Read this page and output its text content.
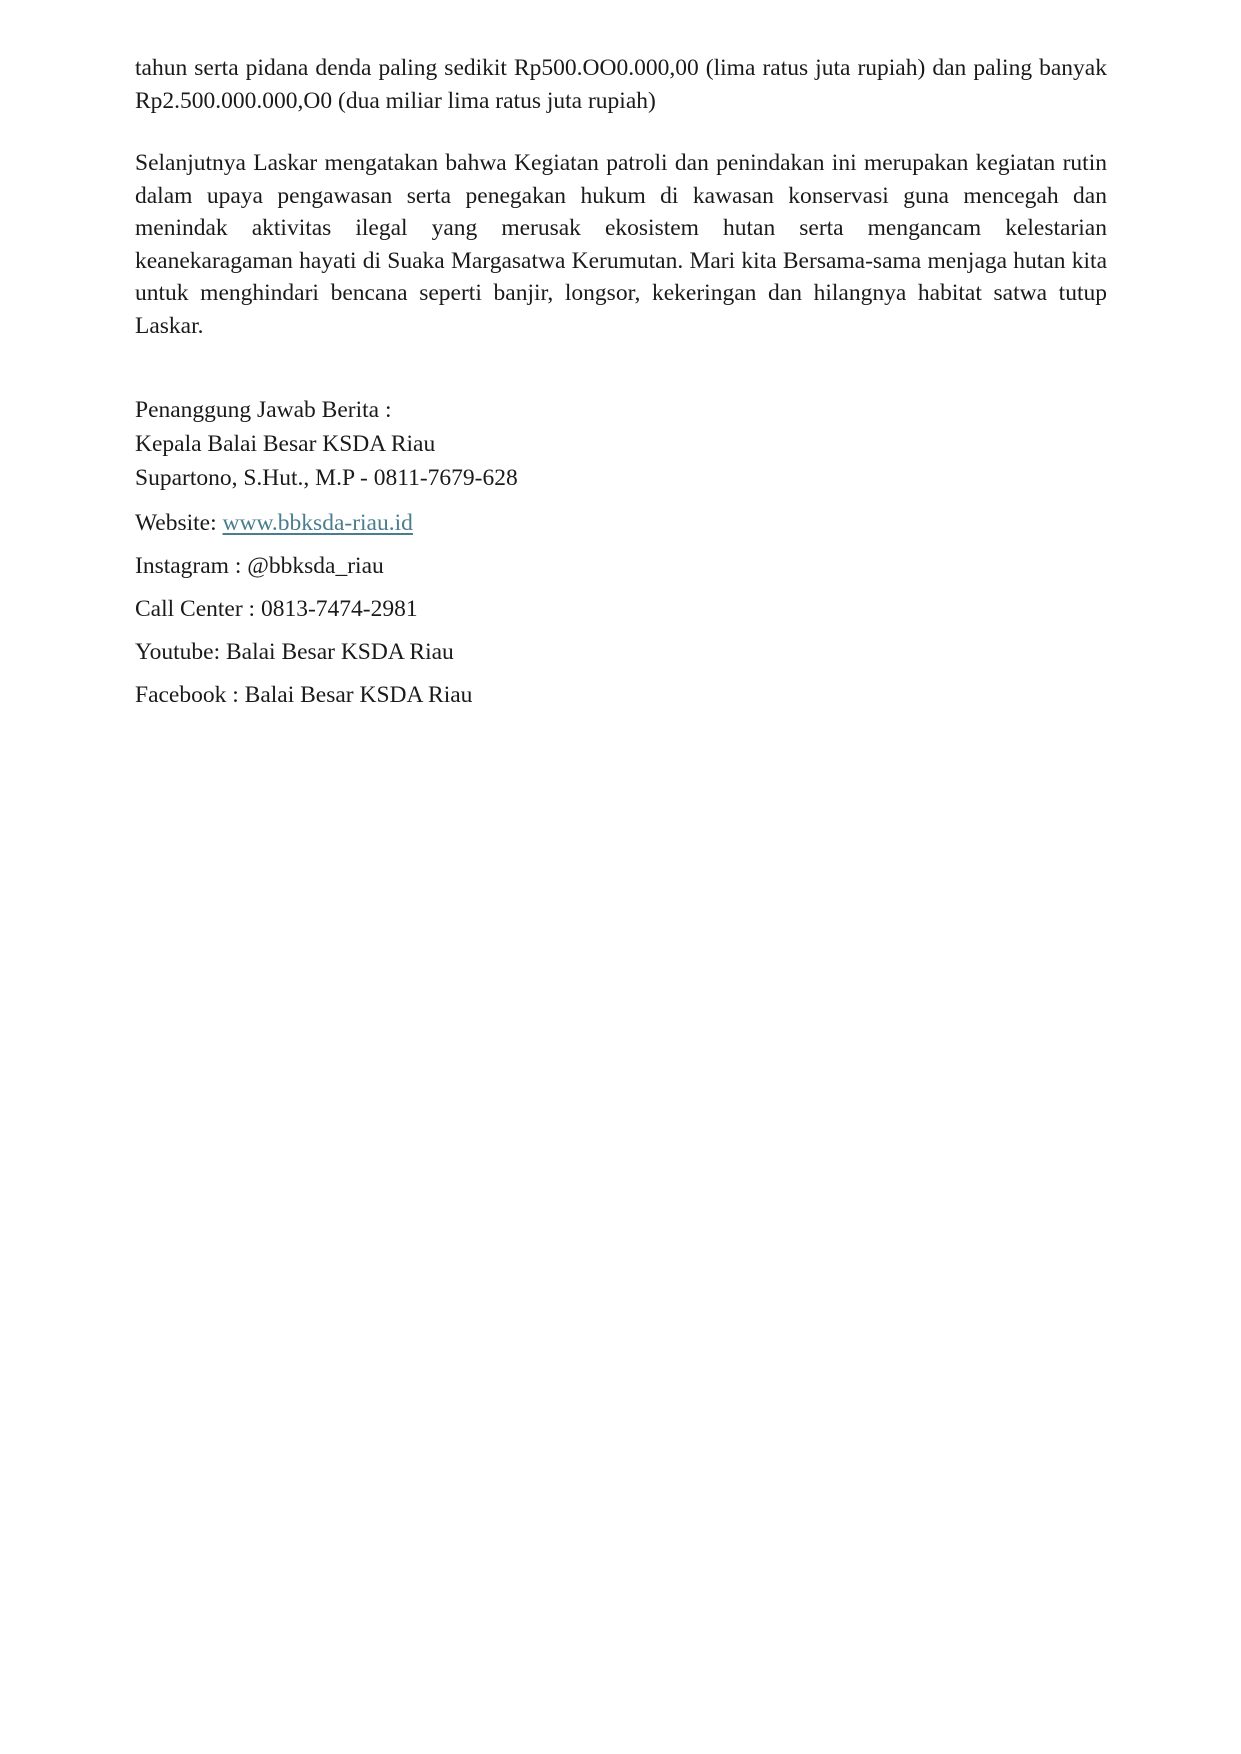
tahun serta pidana denda paling sedikit Rp500.OO0.000,00 (lima ratus juta rupiah) dan paling banyak Rp2.500.000.000,O0 (dua miliar lima ratus juta rupiah)

Selanjutnya Laskar mengatakan bahwa Kegiatan patroli dan penindakan ini merupakan kegiatan rutin dalam upaya pengawasan serta penegakan hukum di kawasan konservasi guna mencegah dan menindak aktivitas ilegal yang merusak ekosistem hutan serta mengancam kelestarian keanekaragaman hayati di Suaka Margasatwa Kerumutan. Mari kita Bersama-sama menjaga hutan kita untuk menghindari bencana seperti banjir, longsor, kekeringan dan hilangnya habitat satwa tutup Laskar.

Penanggung Jawab Berita :
Kepala Balai Besar KSDA Riau
Supartono, S.Hut., M.P - 0811-7679-628
Website: www.bbksda-riau.id
Instagram : @bbksda_riau
Call Center : 0813-7474-2981
Youtube: Balai Besar KSDA Riau
Facebook : Balai Besar KSDA Riau
